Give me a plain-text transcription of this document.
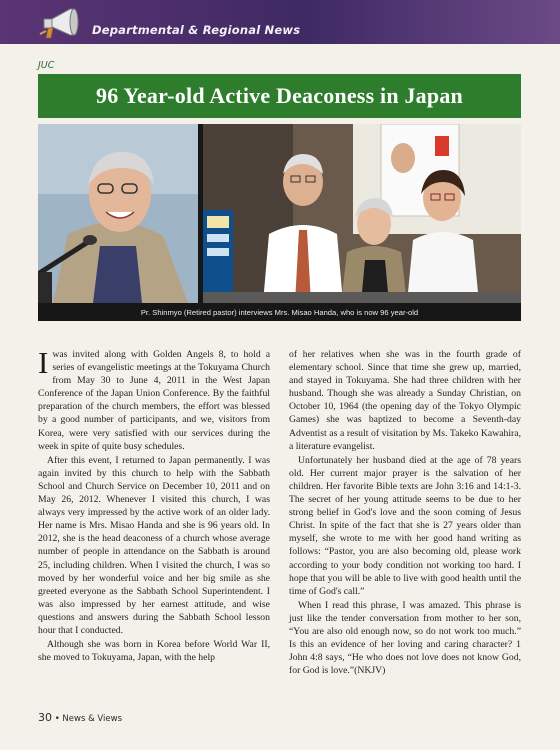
Departmental & Regional News
JUC
96 Year-old Active Deaconess in Japan
Pr. Shinmyo (Retired pastor) interviews Mrs. Misao Handa, who is now 96 year-old

Iwas invited along with Golden Angels 8, to hold a series of evangelistic meetings at the Tokuyama Church from May 30 to June 4, 2011 in the West Japan Conference of the Japan Union Conference. By the faithful preparation of the church members, the effort was blessed by a good number of participants, and we, visitors from Korea, were very satisfied with our services during the week in spite of quite busy schedules.

After this event, I returned to Japan permanently. I was again invited by this church to help with the Sabbath School and Church Service on December 10, 2011 and on May 26, 2012. Whenever I visited this church, I was always very impressed by the active work of an older lady. Her name is Mrs. Misao Handa and she is 96 years old. In 2012, she is the head deaconess of a church whose average number of people in attendance on the Sabbath is around 25, including children. When I visited the church, I was so moved by her wonderful voice and her big smile as she greeted everyone as the Sabbath School Superintendent. I was also impressed by her earnest attitude, and wise questions and answers during the Sabbath School lesson hour that I conducted.

Although she was born in Korea before World War II, she moved to Tokuyama, Japan, with the help

of her relatives when she was in the fourth grade of elementary school. Since that time she grew up, married, and stayed in Tokuyama. She had three children with her husband. Though she was already a Sunday Christian, on October 10, 1964 (the opening day of the Tokyo Olympic Games) she was baptized to become a Seventh-day Adventist as a result of visitation by Ms. Takeko Kawahira, a literature evangelist.

Unfortunately her husband died at the age of 78 years old. Her current major prayer is the salvation of her children. Her favorite Bible texts are John 3:16 and 14:1-3. The secret of her young attitude seems to be due to her strong belief in God's love and the soon coming of Jesus Christ. In spite of the fact that she is 27 years older than myself, she wrote to me with her good hand writing as follows: “Pastor, you are also becoming old, please work according to your body condition not working too hard. I hope that you will be able to live with good health until the time of God's call.”

When I read this phrase, I was amazed. This phrase is just like the tender conversation from mother to her son, “You are also old enough now, so do not work too much.” Is this an evidence of her loving and caring character? 1 John 4:8 says, “He who does not love does not know God, for God is love.”(NKJV)

30 • News & Views
